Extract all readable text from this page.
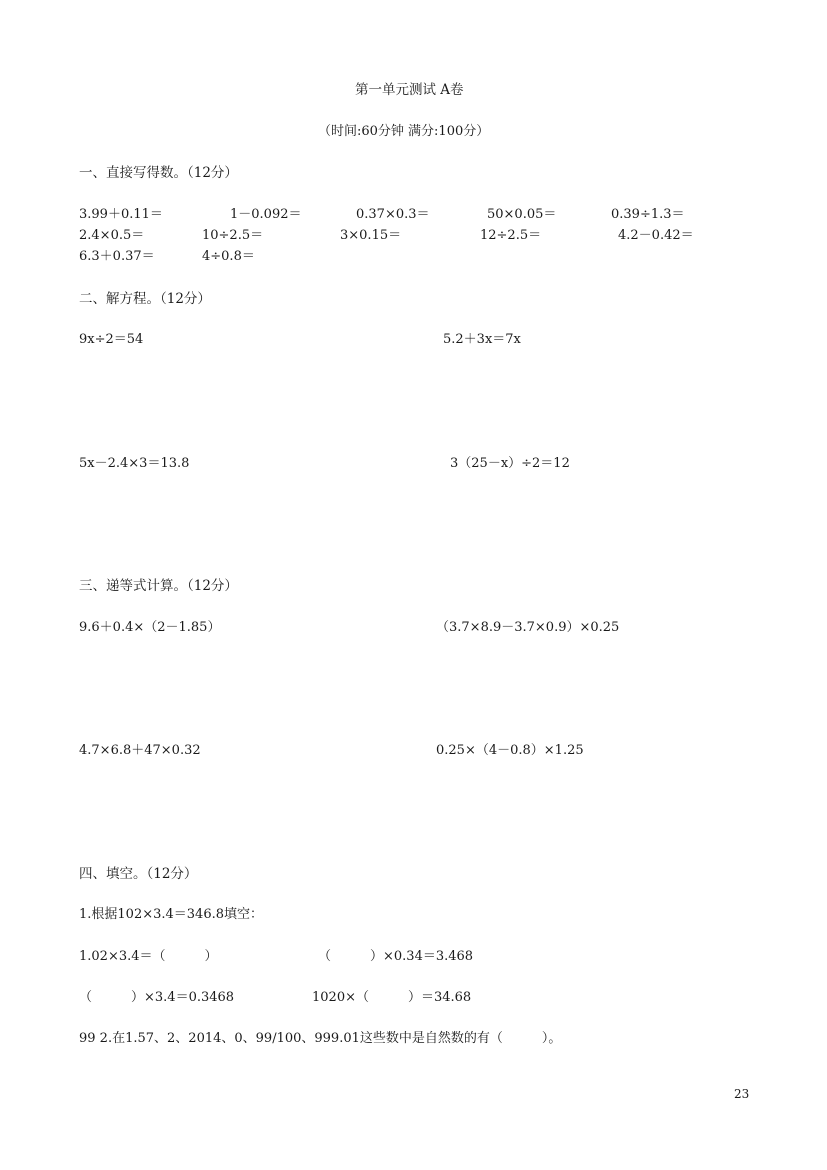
第一单元测试 A卷
（时间:60分钟 满分:100分）
一、直接写得数。（12分）
3.99＋0.11＝	1－0.092＝	0.37×0.3＝	50×0.05＝	0.39÷1.3＝
2.4×0.5＝	10÷2.5＝	3×0.15＝	12÷2.5＝	4.2－0.42＝
6.3＋0.37＝	4÷0.8＝
二、解方程。（12分）
9x÷2＝54	5.2＋3x＝7x
5x－2.4×3＝13.8	3（25－x）÷2＝12
三、递等式计算。（12分）
9.6＋0.4×（2－1.85）	（3.7×8.9－3.7×0.9）×0.25
4.7×6.8＋47×0.32	0.25×（4－0.8）×1.25
四、填空。（12分）
1.根据102×3.4＝346.8填空：
1.02×3.4＝（　　　）	（　　　）×0.34＝3.468
（　　　）×3.4＝0.3468	1020×（　　　）＝34.68
99 2.在1.57、2、2014、0、99/100、999.01这些数中是自然数的有（　　　）。
23
